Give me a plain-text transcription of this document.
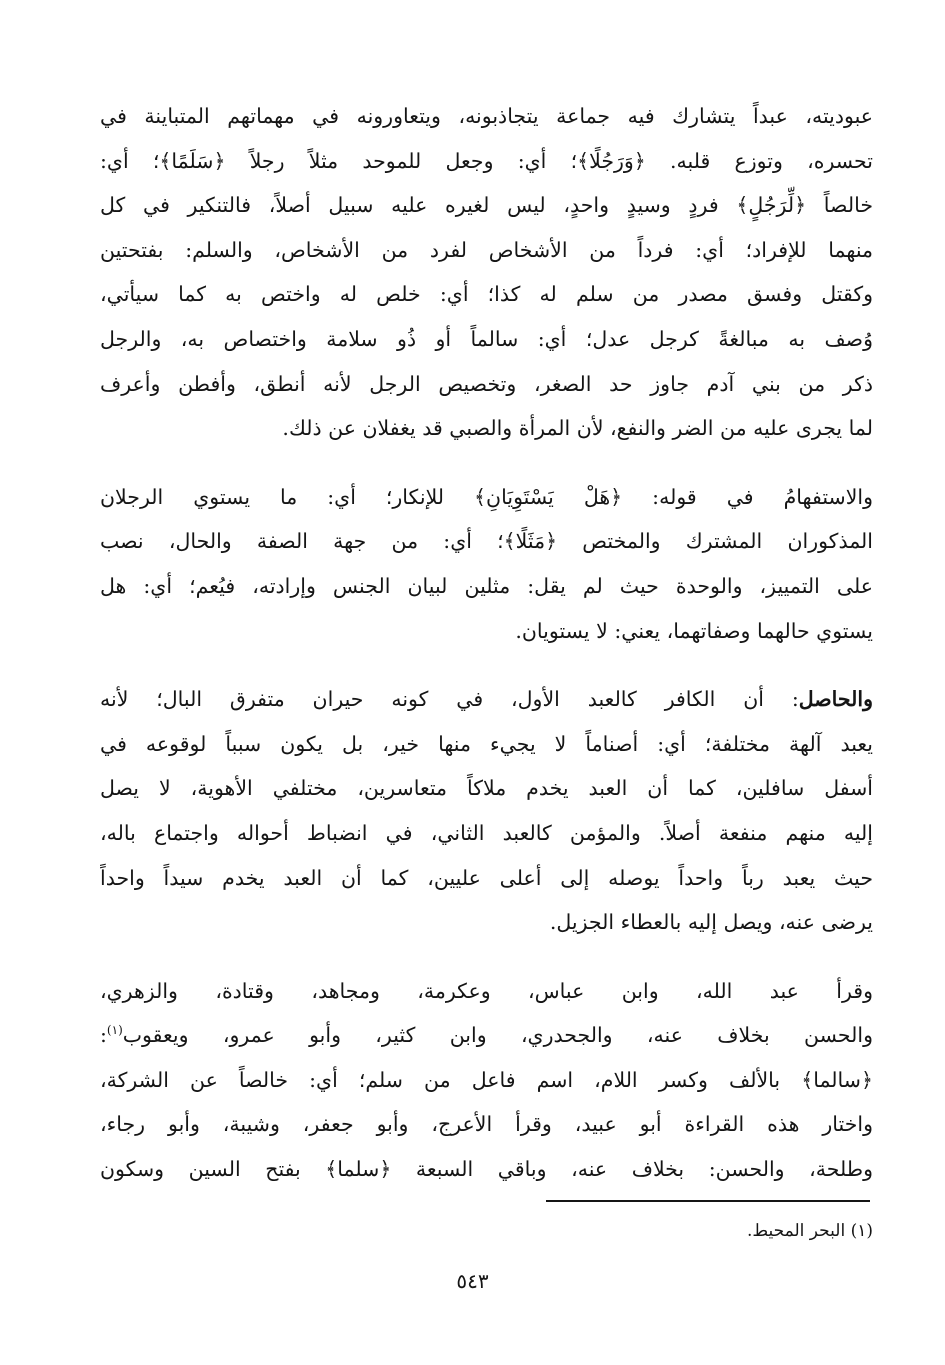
عبوديته، عبداً يتشارك فيه جماعة يتجاذبونه، ويتعاورونه في مهماتهم المتباينة في
تحسره، وتوزع قلبه. ﴿وَرَجُلًا﴾؛ أي: وجعل للموحد مثلاً رجلاً ﴿سَلَمًا﴾؛ أي:
خالصاً ﴿لِّرَجُلٍ﴾ فردٍ وسيدٍ واحدٍ، ليس لغيره عليه سبيل أصلاً، فالتنكير في كل
منهما للإفراد؛ أي: فرداً من الأشخاص لفرد من الأشخاص، والسلم: بفتحتين
وكقتل وفسق مصدر من سلم له كذا؛ أي: خلص له واختص به كما سيأتي،
وُصف به مبالغةً كرجل عدل؛ أي: سالماً أو ذُو سلامة واختصاص به، والرجل
ذكر من بني آدم جاوز حد الصغر، وتخصيص الرجل لأنه أنطق، وأفطن وأعرف
لما يجرى عليه من الضر والنفع، لأن المرأة والصبي قد يغفلان عن ذلك.
والاستفهامُ في قوله: ﴿هَلْ يَسْتَوِيَانِ﴾ للإنكار؛ أي: ما يستوي الرجلان
المذكوران المشترك والمختص ﴿مَثَلًا﴾؛ أي: من جهة الصفة والحال، نصب
على التمييز، والوحدة حيث لم يقل: مثلين لبيان الجنس وإرادته، فيُعم؛ أي: هل
يستوي حالهما وصفاتهما، يعني: لا يستويان.
والحاصل: أن الكافر كالعبد الأول، في كونه حيران متفرق البال؛ لأنه
يعبد آلهة مختلفة؛ أي: أصناماً لا يجيء منها خير، بل يكون سبباً لوقوعه في
أسفل سافلين، كما أن العبد يخدم ملاكاً متعاسرين، مختلفي الأهوية، لا يصل
إليه منهم منفعة أصلاً. والمؤمن كالعبد الثاني، في انضباط أحواله واجتماع باله،
حيث يعبد رباً واحداً يوصله إلى أعلى عليين، كما أن العبد يخدم سيداً واحداً
يرضى عنه، ويصل إليه بالعطاء الجزيل.
وقرأ عبد الله، وابن عباس، وعكرمة، ومجاهد، وقتادة، والزهري،
والحسن بخلاف عنه، والجحدري، وابن كثير، وأبو عمرو، ويعقوب$^{(١)}$:
﴿سالما﴾ بالألف وكسر اللام، اسم فاعل من سلم؛ أي: خالصاً عن الشركة،
واختار هذه القراءة أبو عبيد، وقرأ الأعرج، وأبو جعفر، وشيبة، وأبو رجاء،
وطلحة، والحسن: بخلاف عنه، وباقي السبعة ﴿سلما﴾ بفتح السين وسكون
(١) البحر المحيط.
٥٤٣
